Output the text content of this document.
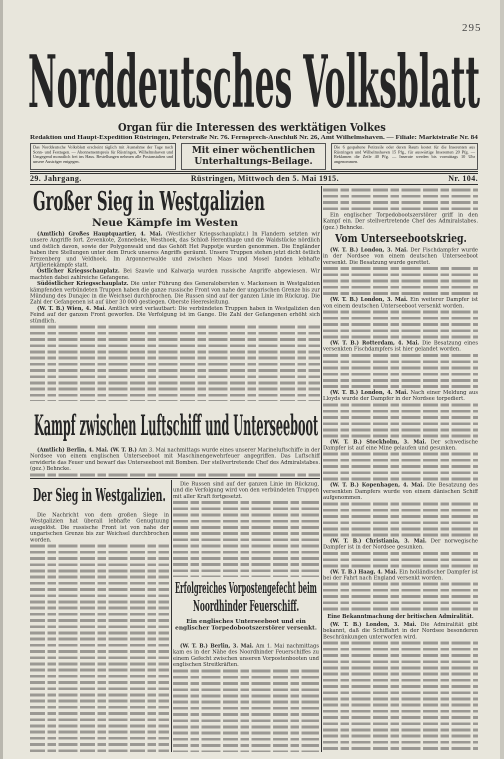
295
Norddeutsches Volksblatt
Organ für die Interessen des werktätigen Volkes
Redaktion und Haupt-Expedition Rüstringen, Peterstraße Nr. 76. Fernsprech-Anschluß Nr. 26, Amt Wilhelmshaven. — Filiale: Marktstraße Nr. 84
Das Norddeutsche Volksblatt erscheint täglich mit Ausnahme der Tage nach Sonn- und Festtagen. — Abonnementspreis für Rüstringen, Wilhelmshaven und Umgegend monatlich frei ins Haus. Bestellungen nehmen alle Postanstalten und unsere Austräger entgegen.
Mit einer wöchentlichen
Unterhaltungs-Beilage.
Die 6 gespaltene Petitzeile oder deren Raum kostet für die Inserenten aus Rüstringen und Wilhelmshaven 15 Pfg., für auswärtige Inserenten 20 Pfg. — Reklamen die Zeile 40 Pfg. — Inserate werden bis vormittags 10 Uhr angenommen.
29. Jahrgang.	Rüstringen, Mittwoch den 5. Mai 1915.	Nr. 104.
Großer Sieg in Westgalizien
Neue Kämpfe im Westen

(Amtlich) Großes Hauptquartier, 4. Mai. (Westlicher Kriegsschauplatz.) In Flandern setzten wir unsere Angriffe fort. Zevenkote, Zonnebeke, Westhoek, das Schloß Herenthage und die Waldstücke nördlich und östlich davon, sowie der Polygonwald und das Gehöft Het Pappotje wurden genommen. Die Engländer haben ihre Stellungen unter dem Druck unseres Angriffs geräumt. Unsere Truppen stehen jetzt dicht östlich Frezenberg und Veldhoek. Im Argonnerwalde und zwischen Maas und Mosel fanden lebhafte Artilleriekämpfe statt.

Östlicher Kriegsschauplatz. Bei Szawle und Kalwarja wurden russische Angriffe abgewiesen. Wir machten dabei zahlreiche Gefangene.

Südöstlicher Kriegsschauplatz. Die unter Führung des Generalobersten v. Mackensen in Westgalizien kämpfenden verbündeten Truppen haben die ganze russische Front von nahe der ungarischen Grenze bis zur Mündung des Dunajec in die Weichsel durchbrochen. Die Russen sind auf der ganzen Linie im Rückzug. Die Zahl der Gefangenen ist auf über 30 000 gestiegen. Oberste Heeresleitung.

(W. T. B.) Wien, 4. Mai. Amtlich wird verlautbart: Die verbündeten Truppen haben in Westgalizien den Feind auf der ganzen Front geworfen. Die Verfolgung ist im Gange. Die Zahl der Gefangenen erhöht sich stündlich.

Kampf zwischen Luftschiff und Unterseeboot

(Amtlich) Berlin, 4. Mai. (W. T. B.) Am 3. Mai nachmittags wurde eines unserer Marineluftschiffe in der Nordsee von einem englischen Unterseeboot mit Maschinengewehrfeuer angegriffen. Das Luftschiff erwiderte das Feuer und bewarf das Unterseeboot mit Bomben. Der stellvertretende Chef des Admiralstabes. (gez.) Behncke.

Der Sieg in Westgalizien.

Die Nachricht von dem großen Siege in Westgalizien hat überall lebhafte Genugtuung ausgelöst. Die russische Front ist von nahe der ungarischen Grenze bis zur Weichsel durchbrochen worden.

Die Russen sind auf der ganzen Linie im Rückzug, und die Verfolgung wird von den verbündeten Truppen mit aller Kraft fortgesetzt.

Erfolgreiches Vorpostengefecht beim
Noordhinder Feuerschiff.

Ein englisches Unterseeboot und ein englischer Torpedobootszerstörer versenkt.

(W. T. B.) Berlin, 3. Mai. Am 1. Mai nachmittags kam es in der Nähe des Noordhinder Feuerschiffes zu einem Gefecht zwischen unseren Vorpostenbooten und englischen Streitkräften.

Ein englischer Torpedobootszerstörer griff in den Kampf ein. Der stellvertretende Chef des Admiralstabes. (gez.) Behncke.

Vom Unterseebootskrieg.

(W. T. B.) London, 3. Mai. Der Fischdampfer wurde in der Nordsee von einem deutschen Unterseeboot versenkt. Die Besatzung wurde gerettet.

(W. T. B.) London, 3. Mai. Ein weiterer Dampfer ist von einem deutschen Unterseeboot versenkt worden.

(W. T. B.) Rotterdam, 4. Mai. Die Besatzung eines versenkten Fischdampfers ist hier gelandet worden.

(W. T. B.) London, 4. Mai. Nach einer Meldung aus Lloyds wurde der Dampfer in der Nordsee torpediert.

(W. T. B.) Stockholm, 3. Mai. Der schwedische Dampfer ist auf eine Mine gelaufen und gesunken.

(W. T. B.) Kopenhagen, 4. Mai. Die Besatzung des versenkten Dampfers wurde von einem dänischen Schiff aufgenommen.

(W. T. B.) Christiania, 3. Mai. Der norwegische Dampfer ist in der Nordsee gesunken.

(W. T. B.) Haag, 4. Mai. Ein holländischer Dampfer ist bei der Fahrt nach England versenkt worden.

Eine Bekanntmachung der britischen Admiralität.

(W. T. B.) London, 3. Mai. Die Admiralität gibt bekannt, daß die Schiffahrt in der Nordsee besonderen Beschränkungen unterworfen wird.
